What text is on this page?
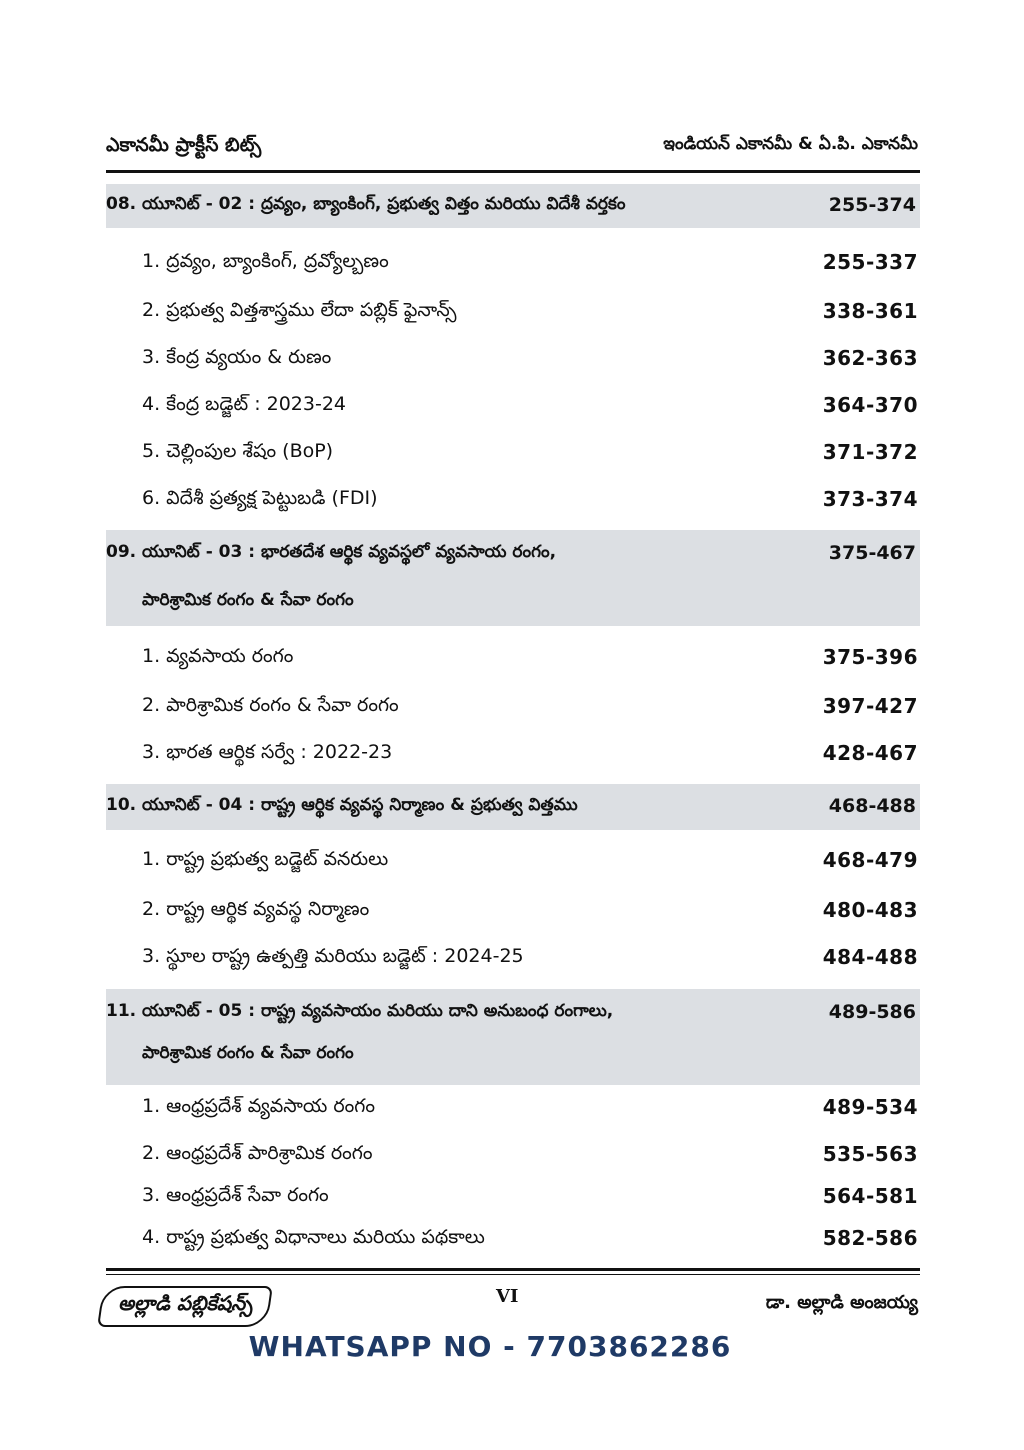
ఎకానమీ ప్రాక్టీస్ బిట్స్	ఇండియన్ ఎకానమీ & ఏ.పి. ఎకానమీ
08. యూనిట్ - 02 : ద్రవ్యం, బ్యాంకింగ్, ప్రభుత్వ విత్తం మరియు విదేశీ వర్తకం	255-374
1. ద్రవ్యం, బ్యాంకింగ్, ద్రవ్యోల్బణం	255-337
2. ప్రభుత్వ విత్తశాస్త్రము లేదా పబ్లిక్ ఫైనాన్స్	338-361
3. కేంద్ర వ్యయం & రుణం	362-363
4. కేంద్ర బడ్జెట్ : 2023-24	364-370
5. చెల్లింపుల శేషం (BoP)	371-372
6. విదేశీ ప్రత్యక్ష పెట్టుబడి (FDI)	373-374
09. యూనిట్ - 03 : భారతదేశ ఆర్థిక వ్యవస్థలో వ్యవసాయ రంగం,
పారిశ్రామిక రంగం & సేవా రంగం
375-467
1. వ్యవసాయ రంగం	375-396
2. పారిశ్రామిక రంగం & సేవా రంగం	397-427
3. భారత ఆర్థిక సర్వే : 2022-23	428-467
10. యూనిట్ - 04 : రాష్ట్ర ఆర్థిక వ్యవస్థ నిర్మాణం & ప్రభుత్వ విత్తము	468-488
1. రాష్ట్ర ప్రభుత్వ బడ్జెట్ వనరులు	468-479
2. రాష్ట్ర ఆర్థిక వ్యవస్థ నిర్మాణం	480-483
3. స్థూల రాష్ట్ర ఉత్పత్తి మరియు బడ్జెట్ : 2024-25	484-488
11. యూనిట్ - 05 : రాష్ట్ర వ్యవసాయం మరియు దాని అనుబంధ రంగాలు,
పారిశ్రామిక రంగం & సేవా రంగం
489-586
1. ఆంధ్రప్రదేశ్ వ్యవసాయ రంగం	489-534
2. ఆంధ్రప్రదేశ్ పారిశ్రామిక రంగం	535-563
3. ఆంధ్రప్రదేశ్ సేవా రంగం	564-581
4. రాష్ట్ర ప్రభుత్వ విధానాలు మరియు పథకాలు	582-586
అల్లాడి పబ్లికేషన్స్	VI	డా. అల్లాడి అంజయ్య
WHATSAPP NO - 7703862286
